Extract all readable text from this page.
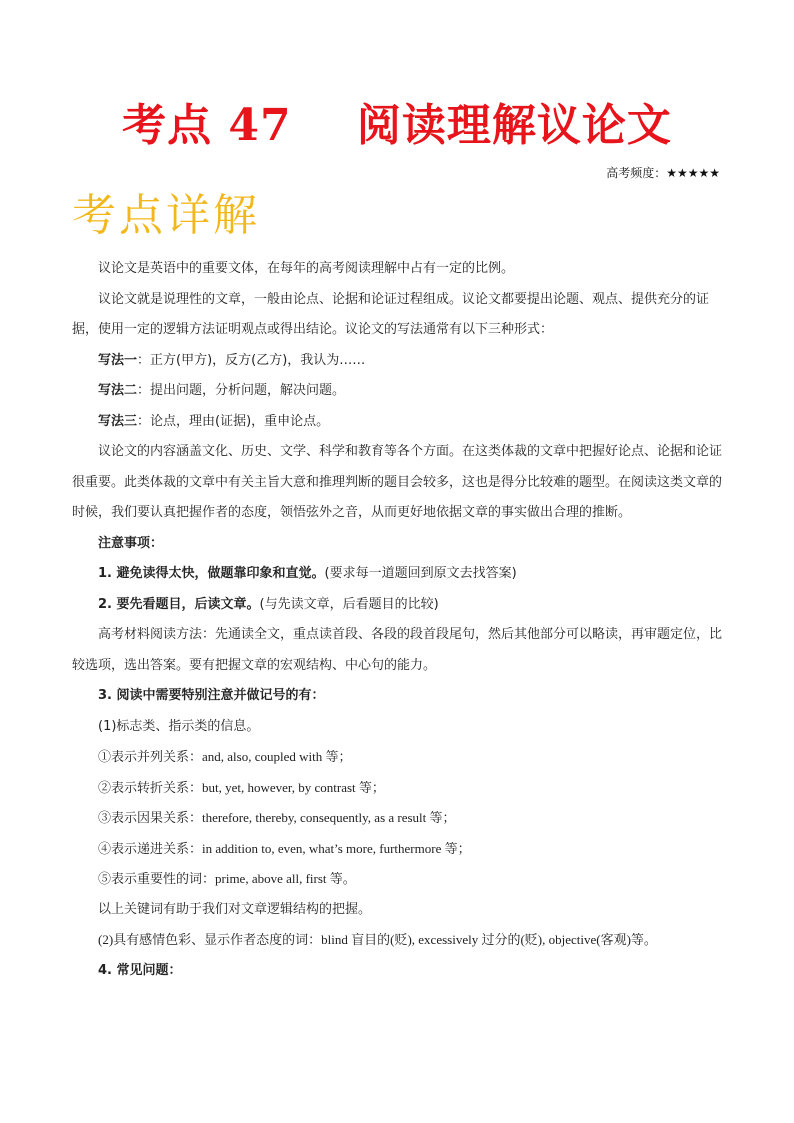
考点 47    阅读理解议论文
高考频度：★★★★★
考点详解

议论文是英语中的重要文体，在每年的高考阅读理解中占有一定的比例。

议论文就是说理性的文章，一般由论点、论据和论证过程组成。议论文都要提出论题、观点、提供充分的证据，使用一定的逻辑方法证明观点或得出结论。议论文的写法通常有以下三种形式：

写法一：正方(甲方)，反方(乙方)，我认为……

写法二：提出问题，分析问题，解决问题。

写法三：论点，理由(证据)，重申论点。

议论文的内容涵盖文化、历史、文学、科学和教育等各个方面。在这类体裁的文章中把握好论点、论据和论证很重要。此类体裁的文章中有关主旨大意和推理判断的题目会较多，这也是得分比较难的题型。在阅读这类文章的时候，我们要认真把握作者的态度，领悟弦外之音，从而更好地依据文章的事实做出合理的推断。

注意事项：

1. 避免读得太快，做题靠印象和直觉。(要求每一道题回到原文去找答案)

2. 要先看题目，后读文章。(与先读文章，后看题目的比较)

高考材料阅读方法：先通读全文，重点读首段、各段的段首段尾句，然后其他部分可以略读，再审题定位，比较选项，选出答案。要有把握文章的宏观结构、中心句的能力。

3. 阅读中需要特别注意并做记号的有：

(1)标志类、指示类的信息。

①表示并列关系：and, also, coupled with 等；

②表示转折关系：but, yet, however, by contrast 等；

③表示因果关系：therefore, thereby, consequently, as a result 等；

④表示递进关系：in addition to, even, what’s more, furthermore 等；

⑤表示重要性的词：prime, above all, first 等。

以上关键词有助于我们对文章逻辑结构的把握。

(2)具有感情色彩、显示作者态度的词：blind 盲目的(贬), excessively 过分的(贬), objective(客观)等。

4. 常见问题：
